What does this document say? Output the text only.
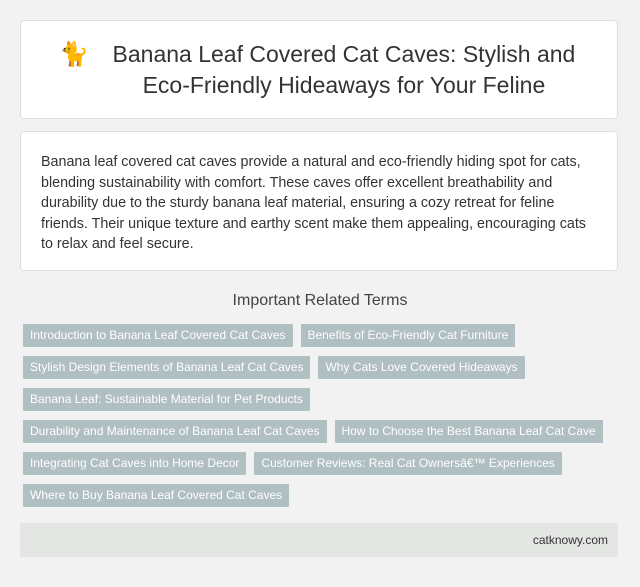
🐈 Banana Leaf Covered Cat Caves: Stylish and Eco-Friendly Hideaways for Your Feline

Banana leaf covered cat caves provide a natural and eco-friendly hiding spot for cats, blending sustainability with comfort. These caves offer excellent breathability and durability due to the sturdy banana leaf material, ensuring a cozy retreat for feline friends. Their unique texture and earthy scent make them appealing, encouraging cats to relax and feel secure.

Important Related Terms
Introduction to Banana Leaf Covered Cat Caves	Benefits of Eco-Friendly Cat Furniture
Stylish Design Elements of Banana Leaf Cat Caves	Why Cats Love Covered Hideaways
Banana Leaf: Sustainable Material for Pet Products
Durability and Maintenance of Banana Leaf Cat Caves	How to Choose the Best Banana Leaf Cat Cave
Integrating Cat Caves into Home Decor	Customer Reviews: Real Cat Ownersâ€™ Experiences
Where to Buy Banana Leaf Covered Cat Caves
catknowy.com
